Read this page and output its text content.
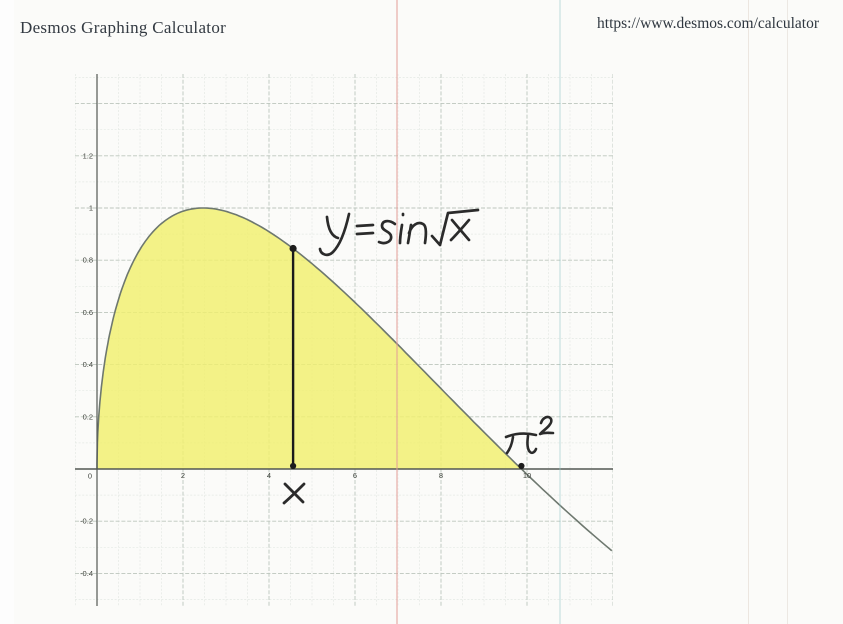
Desmos Graphing Calculator	https://www.desmos.com/calculator
1.2
1
0.8
0.6
0.4
0.2
-0.2
-0.4
2	4	6	8	10
0
